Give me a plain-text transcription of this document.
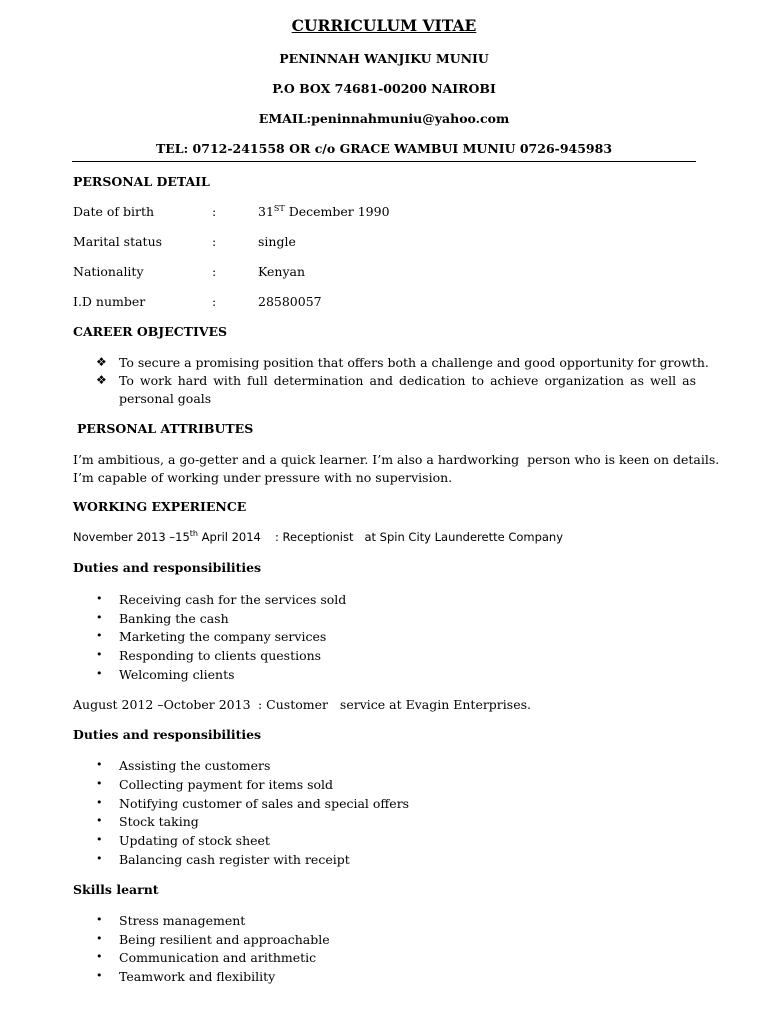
CURRICULUM VITAE
PENINNAH WANJIKU MUNIU
P.O BOX 74681-00200 NAIROBI
EMAIL:peninnahmuniu@yahoo.com
TEL: 0712-241558 OR c/o GRACE WAMBUI MUNIU 0726-945983
PERSONAL DETAIL
Date of birth	:	31ST December 1990
Marital status	:	single
Nationality	:	Kenyan
I.D number	:	28580057
CAREER OBJECTIVES
❖ To secure a promising position that offers both a challenge and good opportunity for growth.
❖ To work hard with full determination and dedication to achieve organization as well as
personal goals
PERSONAL ATTRIBUTES
I’m ambitious, a go-getter and a quick learner. I’m also a hardworking  person who is keen on details.
I’m capable of working under pressure with no supervision.
WORKING EXPERIENCE
November 2013 –15th April 2014 : Receptionist   at Spin City Launderette Company
Duties and responsibilities
• Receiving cash for the services sold
• Banking the cash
• Marketing the company services
• Responding to clients questions
• Welcoming clients
August 2012 –October 2013 : Customer   service at Evagin Enterprises.
Duties and responsibilities
• Assisting the customers
• Collecting payment for items sold
• Notifying customer of sales and special offers
• Stock taking
• Updating of stock sheet
• Balancing cash register with receipt
Skills learnt
• Stress management
• Being resilient and approachable
• Communication and arithmetic
• Teamwork and flexibility
